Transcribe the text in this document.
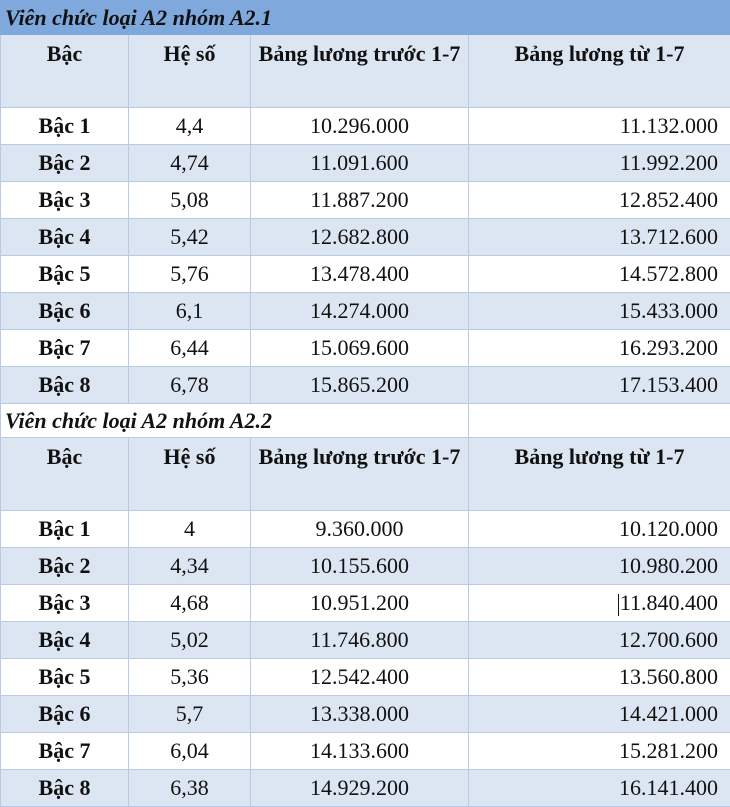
Viên chức loại A2 nhóm A2.1			
Bậc	Hệ số	Bảng lương trước 1-7	Bảng lương từ 1-7
Bậc 1	4,4	10.296.000	11.132.000
Bậc 2	4,74	11.091.600	11.992.200
Bậc 3	5,08	11.887.200	12.852.400
Bậc 4	5,42	12.682.800	13.712.600
Bậc 5	5,76	13.478.400	14.572.800
Bậc 6	6,1	14.274.000	15.433.000
Bậc 7	6,44	15.069.600	16.293.200
Bậc 8	6,78	15.865.200	17.153.400
Viên chức loại A2 nhóm A2.2			
Bậc	Hệ số	Bảng lương trước 1-7	Bảng lương từ 1-7
Bậc 1	4	9.360.000	10.120.000
Bậc 2	4,34	10.155.600	10.980.200
Bậc 3	4,68	10.951.200	11.840.400
Bậc 4	5,02	11.746.800	12.700.600
Bậc 5	5,36	12.542.400	13.560.800
Bậc 6	5,7	13.338.000	14.421.000
Bậc 7	6,04	14.133.600	15.281.200
Bậc 8	6,38	14.929.200	16.141.400
